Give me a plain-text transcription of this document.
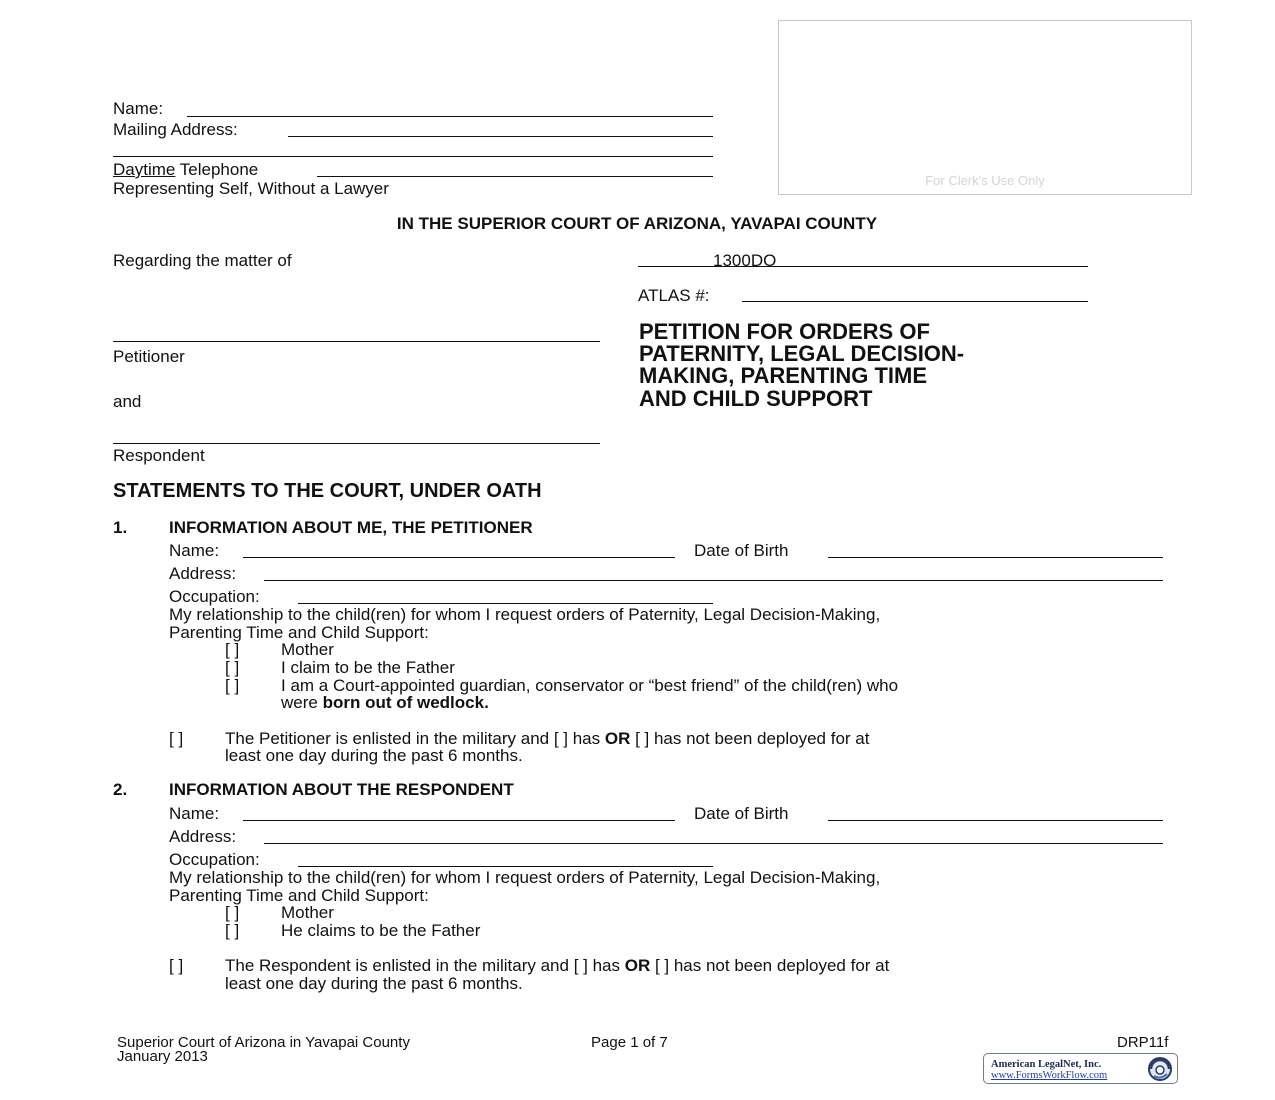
Name:
Mailing Address:
Daytime Telephone
Representing Self, Without a Lawyer	For Clerk's Use Only
IN THE SUPERIOR COURT OF ARIZONA, YAVAPAI COUNTY
Regarding the matter of	1300DO
ATLAS #:
Petitioner
and
Respondent
PETITION FOR ORDERS OF
PATERNITY, LEGAL DECISION-
MAKING, PARENTING TIME
AND CHILD SUPPORT
STATEMENTS TO THE COURT, UNDER OATH
1. INFORMATION ABOUT ME, THE PETITIONER
Name:	Date of Birth
Address:
Occupation:
My relationship to the child(ren) for whom I request orders of Paternity, Legal Decision-Making,
Parenting Time and Child Support:
[ ] Mother
[ ] I claim to be the Father
[ ] I am a Court-appointed guardian, conservator or “best friend” of the child(ren) who
were born out of wedlock.
[ ] The Petitioner is enlisted in the military and [ ] has OR [ ] has not been deployed for at
least one day during the past 6 months.
2. INFORMATION ABOUT THE RESPONDENT
Name:	Date of Birth
Address:
Occupation:
My relationship to the child(ren) for whom I request orders of Paternity, Legal Decision-Making,
Parenting Time and Child Support:
[ ] Mother
[ ] He claims to be the Father
[ ] The Respondent is enlisted in the military and [ ] has OR [ ] has not been deployed for at
least one day during the past 6 months.
Superior Court of Arizona in Yavapai County
January 2013
Page 1 of 7	DRP11f
American LegalNet, Inc.
www.FormsWorkFlow.com
